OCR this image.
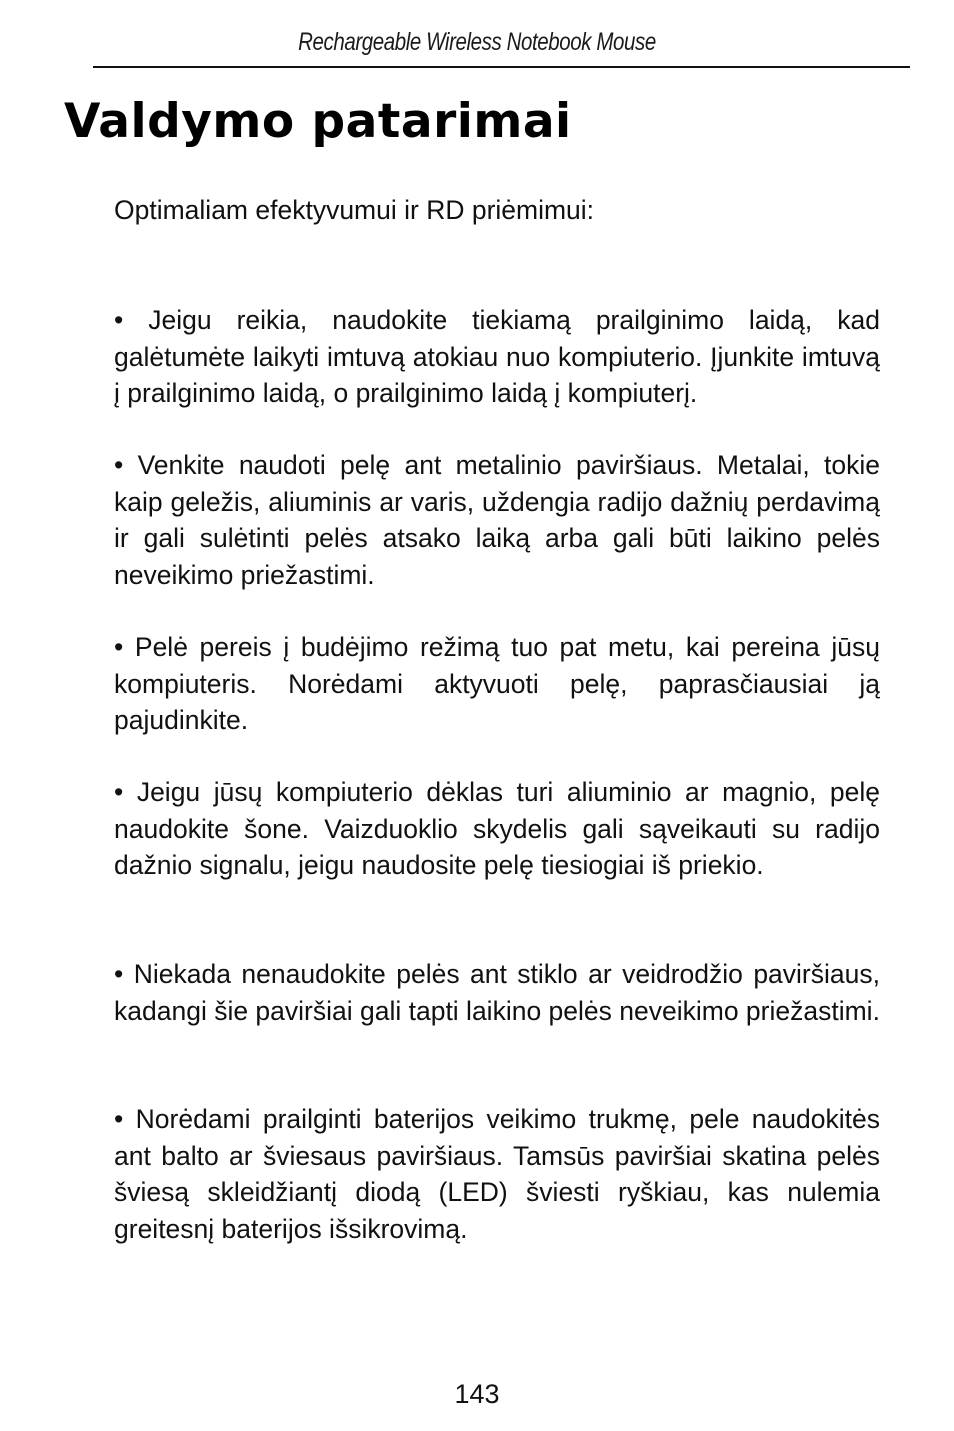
Rechargeable Wireless Notebook Mouse
Valdymo patarimai

Optimaliam efektyvumui ir RD priėmimui:

• Jeigu reikia, naudokite tiekiamą prailginimo laidą, kad galėtumėte laikyti imtuvą atokiau nuo kompiuterio. Įjunkite imtuvą į prailginimo laidą, o prailginimo laidą į kompiuterį.

• Venkite naudoti pelę ant metalinio paviršiaus. Metalai, tokie kaip geležis, aliuminis ar varis, uždengia radijo dažnių perdavimą ir gali sulėtinti pelės atsako laiką arba gali būti laikino pelės neveikimo priežastimi.

• Pelė pereis į budėjimo režimą tuo pat metu, kai pereina jūsų kompiuteris. Norėdami aktyvuoti pelę, paprasčiausiai ją pajudinkite.

• Jeigu jūsų kompiuterio dėklas turi aliuminio ar magnio, pelę naudokite šone. Vaizduoklio skydelis gali sąveikauti su radijo dažnio signalu, jeigu naudosite pelę tiesiogiai iš priekio.

• Niekada nenaudokite pelės ant stiklo ar veidrodžio paviršiaus, kadangi šie paviršiai gali tapti laikino pelės neveikimo priežastimi.

• Norėdami prailginti baterijos veikimo trukmę, pele naudokitės ant balto ar šviesaus paviršiaus. Tamsūs paviršiai skatina pelės šviesą skleidžiantį diodą (LED) šviesti ryškiau, kas nulemia greitesnį baterijos išsikrovimą.

143
